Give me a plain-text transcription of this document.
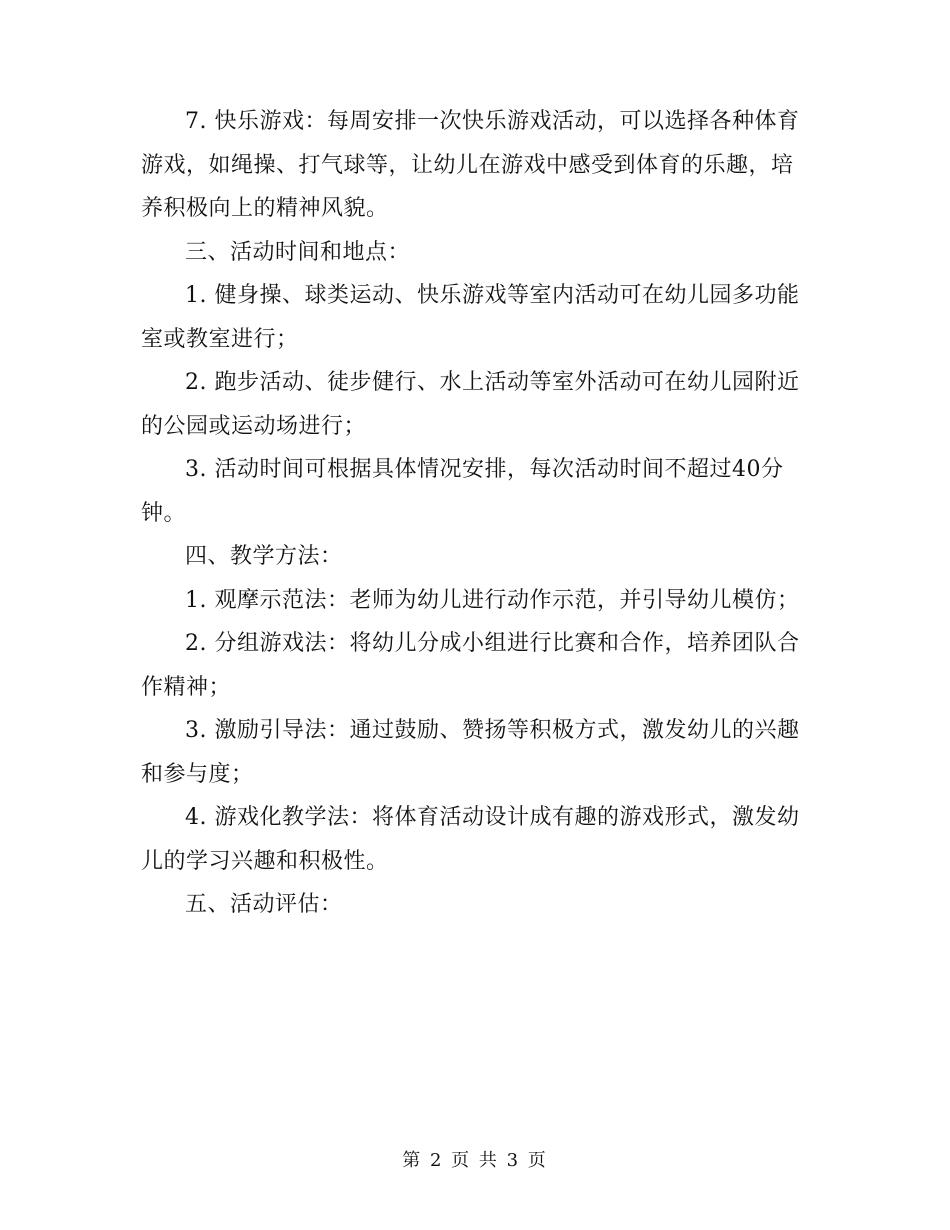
7. 快乐游戏：每周安排一次快乐游戏活动，可以选择各种体育游戏，如绳操、打气球等，让幼儿在游戏中感受到体育的乐趣，培养积极向上的精神风貌。

三、活动时间和地点：

1. 健身操、球类运动、快乐游戏等室内活动可在幼儿园多功能室或教室进行；

2. 跑步活动、徒步健行、水上活动等室外活动可在幼儿园附近的公园或运动场进行；

3. 活动时间可根据具体情况安排，每次活动时间不超过40分钟。

四、教学方法：

1. 观摩示范法：老师为幼儿进行动作示范，并引导幼儿模仿；

2. 分组游戏法：将幼儿分成小组进行比赛和合作，培养团队合作精神；

3. 激励引导法：通过鼓励、赞扬等积极方式，激发幼儿的兴趣和参与度；

4. 游戏化教学法：将体育活动设计成有趣的游戏形式，激发幼儿的学习兴趣和积极性。

五、活动评估：

第 2 页 共 3 页
